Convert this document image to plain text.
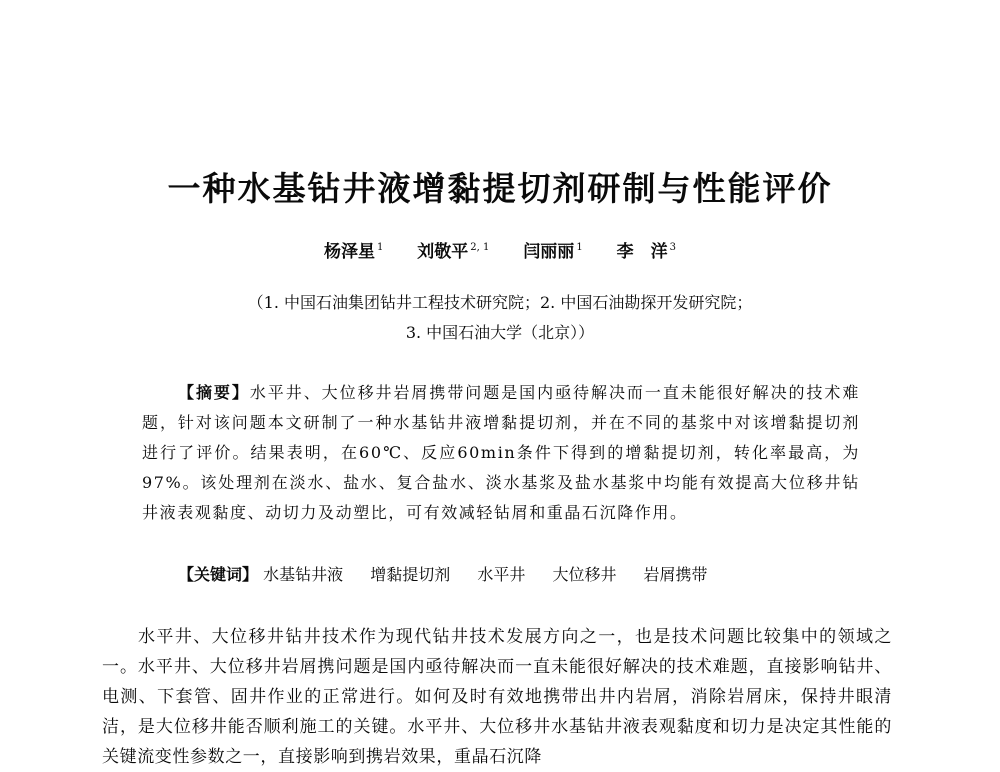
一种水基钻井液增黏提切剂研制与性能评价
杨泽星 $^1$ 刘敬平 $^{2, 1}$ 闫丽丽 $^1$ 李　洋 $^3$
（1. 中国石油集团钻井工程技术研究院；2. 中国石油勘探开发研究院；
3. 中国石油大学（北京））

【摘要】水平井、大位移井岩屑携带问题是国内亟待解决而一直未能很好解决的技术难题，针对该问题本文研制了一种水基钻井液增黏提切剂，并在不同的基浆中对该增黏提切剂进行了评价。结果表明，在60℃、反应60min条件下得到的增黏提切剂，转化率最高，为97%。该处理剂在淡水、盐水、复合盐水、淡水基浆及盐水基浆中均能有效提高大位移井钻井液表观黏度、动切力及动塑比，可有效减轻钻屑和重晶石沉降作用。

【关键词】 水基钻井液 增黏提切剂 水平井 大位移井 岩屑携带

水平井、大位移井钻井技术作为现代钻井技术发展方向之一，也是技术问题比较集中的领域之一。水平井、大位移井岩屑携问题是国内亟待解决而一直未能很好解决的技术难题，直接影响钻井、电测、下套管、固井作业的正常进行。如何及时有效地携带出井内岩屑，消除岩屑床，保持井眼清洁，是大位移井能否顺利施工的关键。水平井、大位移井水基钻井液表观黏度和切力是决定其性能的关键流变性参数之一，直接影响到携岩效果，重晶石沉降
